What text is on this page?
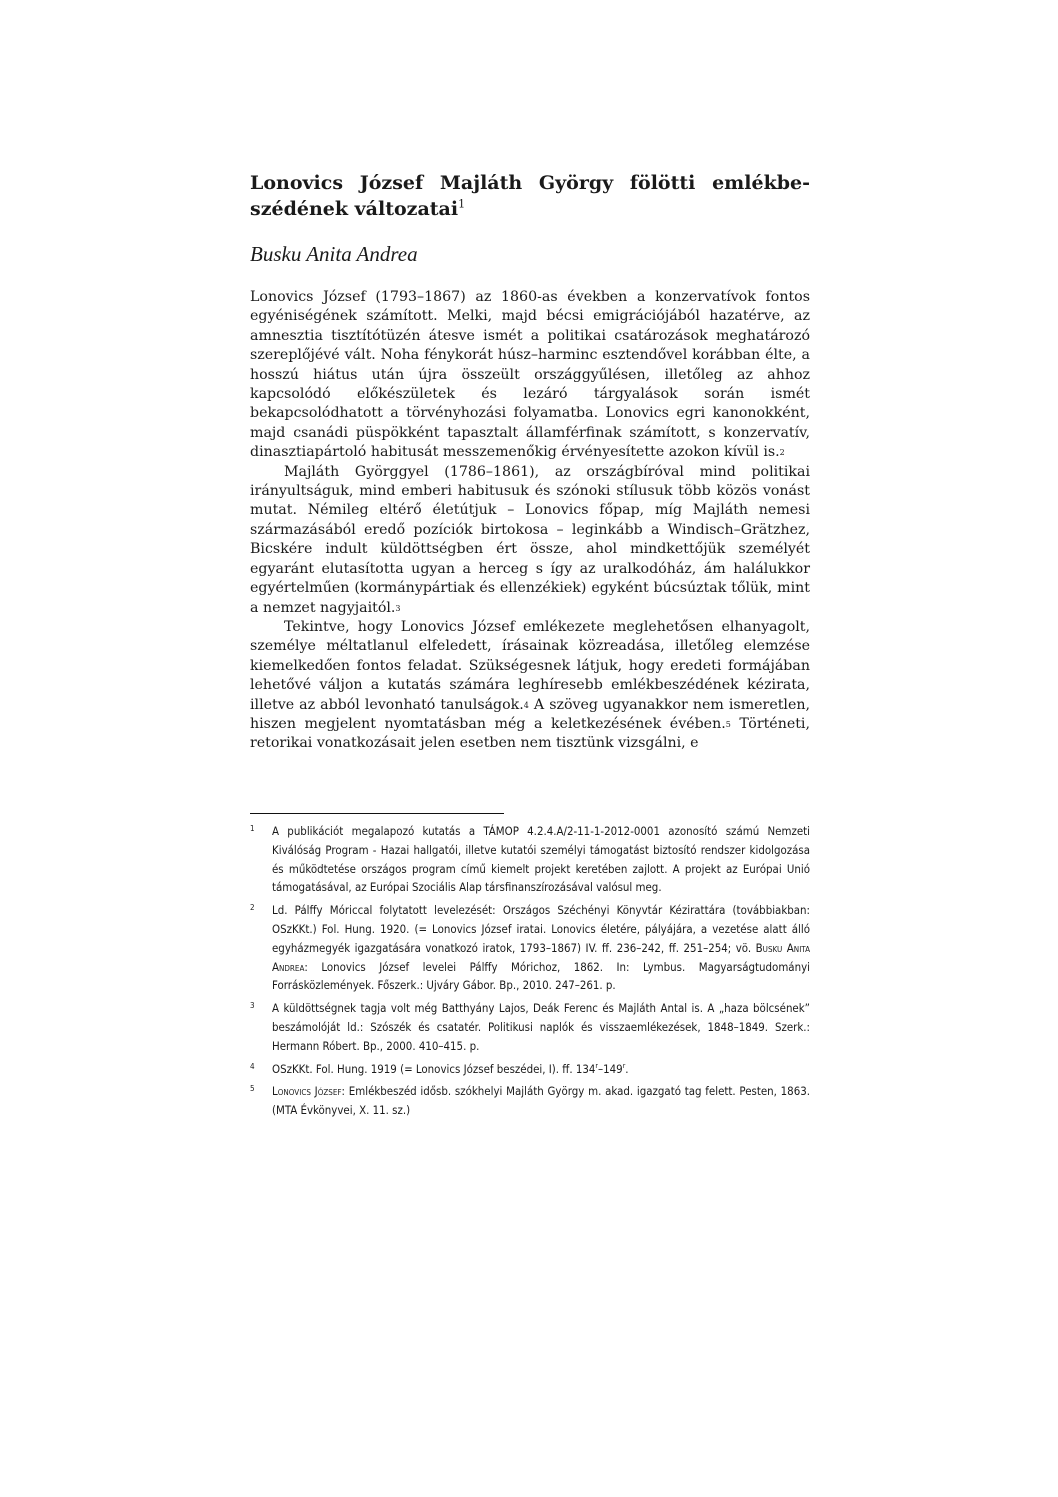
Lonovics József Majláth György fölötti emlékbe-szédének változatai$^1$
Busku Anita Andrea

Lonovics József (1793–1867) az 1860-as években a konzervatívok fontos egyéniségének számított. Melki, majd bécsi emigrációjából hazatérve, az amnesztia tisztítótüzén átesve ismét a politikai csatározások meghatározó szereplőjévé vált. Noha fénykorát húsz–harminc esztendővel korábban élte, a hosszú hiátus után újra összeült országgyűlésen, illetőleg az ahhoz kapcsolódó előkészületek és lezáró tárgyalások során ismét bekapcsolódhatott a törvényhozási folyamatba. Lonovics egri kanonokként, majd csanádi püspökként tapasztalt államférfinak számított, s konzervatív, dinasztiapártoló habitusát messzemenőkig érvényesítette azokon kívül is.$^2$

Majláth Györggyel (1786–1861), az országbíróval mind politikai irányultságuk, mind emberi habitusuk és szónoki stílusuk több közös vonást mutat. Némileg eltérő életútjuk – Lonovics főpap, míg Majláth nemesi származásából eredő pozíciók birtokosa – leginkább a Windisch–Grätzhez, Bicskére indult küldöttségben ért össze, ahol mindkettőjük személyét egyaránt elutasította ugyan a herceg s így az uralkodóház, ám halálukkor egyértelműen (kormánypártiak és ellenzékiek) egyként búcsúztak tőlük, mint a nemzet nagyjaitól.$^3$

Tekintve, hogy Lonovics József emlékezete meglehetősen elhanyagolt, személye méltatlanul elfeledett, írásainak közreadása, illetőleg elemzése kiemelkedően fontos feladat. Szükségesnek látjuk, hogy eredeti formájában lehetővé váljon a kutatás számára leghíresebb emlékbeszédének kézirata, illetve az abból levonható tanulságok.$^4$ A szöveg ugyanakkor nem ismeretlen, hiszen megjelent nyomtatásban még a keletkezésének évében.$^5$ Történeti, retorikai vonatkozásait jelen esetben nem tisztünk vizsgálni, e

1 A publikációt megalapozó kutatás a TÁMOP 4.2.4.A/2-11-1-2012-0001 azonosító számú Nemzeti Kiválóság Program - Hazai hallgatói, illetve kutatói személyi támogatást biztosító rendszer kidolgozása és működtetése országos program című kiemelt projekt keretében zajlott. A projekt az Európai Unió támogatásával, az Európai Szociális Alap társfinanszírozásával valósul meg.
2 Ld. Pálffy Móriccal folytatott levelezését: Országos Széchényi Könyvtár Kézirattára (továbbiakban: OSzKKt.) Fol. Hung. 1920. (= Lonovics József iratai. Lonovics életére, pályájára, a vezetése alatt álló egyházmegyék igazgatására vonatkozó iratok, 1793–1867) IV. ff. 236–242, ff. 251–254; vö. Busku Anita Andrea: Lonovics József levelei Pálffy Mórichoz, 1862. In: Lymbus. Magyarságtudományi Forrásközlemények. Főszerk.: Ujváry Gábor. Bp., 2010. 247–261. p.
3 A küldöttségnek tagja volt még Batthyány Lajos, Deák Ferenc és Majláth Antal is. A „haza bölcsének” beszámolóját ld.: Szószék és csatatér. Politikusi naplók és visszaemlékezések, 1848–1849. Szerk.: Hermann Róbert. Bp., 2000. 410–415. p.
4 OSzKKt. Fol. Hung. 1919 (= Lonovics József beszédei, I). ff. 134$^r$–149$^r$.
5 Lonovics József: Emlékbeszéd idősb. szókhelyi Majláth György m. akad. igazgató tag felett. Pesten, 1863. (MTA Évkönyvei, X. 11. sz.)
